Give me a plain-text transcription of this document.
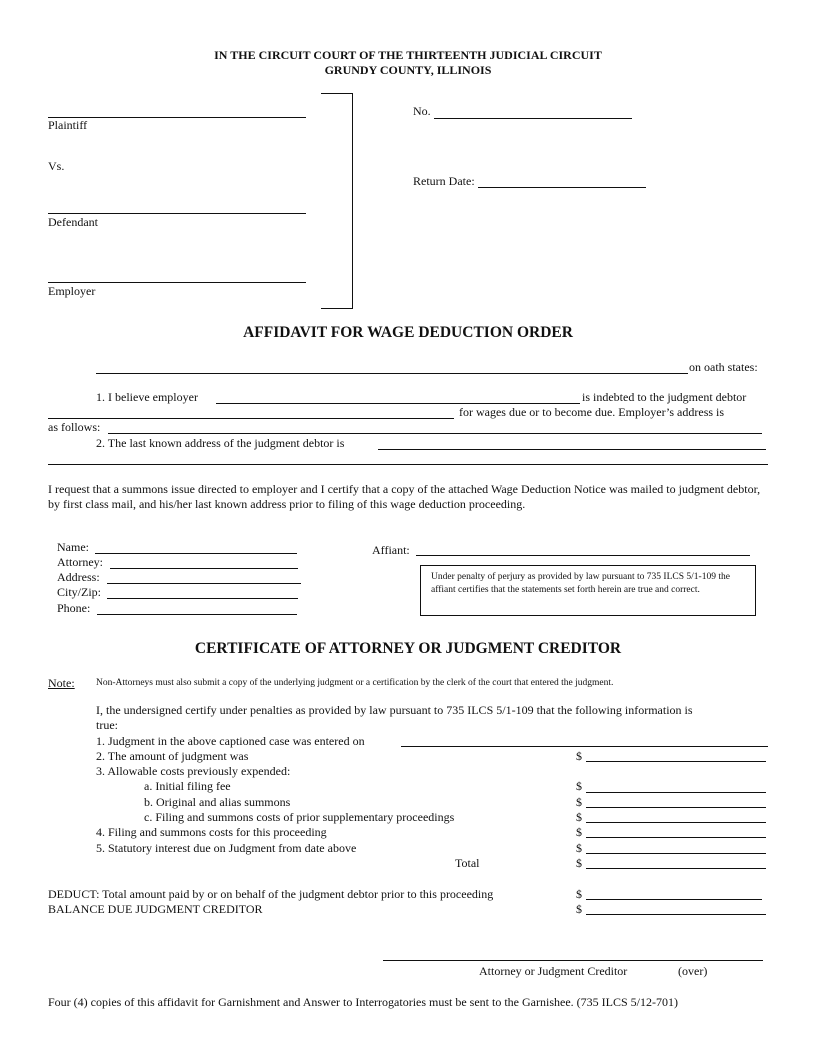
IN THE CIRCUIT COURT OF THE THIRTEENTH JUDICIAL CIRCUIT
GRUNDY COUNTY, ILLINOIS
Plaintiff
Vs.
Defendant
Employer
No.
Return Date:
AFFIDAVIT FOR WAGE DEDUCTION ORDER
on oath states:
1. I believe employer	is indebted to the judgment debtor
for wages due or to become due. Employer’s address is
as follows:
2. The last known address of the judgment debtor is
I request that a summons issue directed to employer and I certify that a copy of the attached Wage Deduction Notice was mailed to judgment debtor, by first class mail, and his/her last known address prior to filing of this wage deduction proceeding.
Name:
Attorney:
Address:
City/Zip:
Phone:
Affiant:
Under penalty of perjury as provided by law pursuant to 735 ILCS 5/1-109 the affiant certifies that the statements set forth herein are true and correct.
CERTIFICATE OF ATTORNEY OR JUDGMENT CREDITOR
Note: Non-Attorneys must also submit a copy of the underlying judgment or a certification by the clerk of the court that entered the judgment.
I, the undersigned certify under penalties as provided by law pursuant to 735 ILCS 5/1-109 that the following information is
true:
1. Judgment in the above captioned case was entered on
2. The amount of judgment was	$
3. Allowable costs previously expended:
a. Initial filing fee	$
b. Original and alias summons	$
c. Filing and summons costs of prior supplementary proceedings	$
4. Filing and summons costs for this proceeding	$
5. Statutory interest due on Judgment from date above	$
Total	$
DEDUCT: Total amount paid by or on behalf of the judgment debtor prior to this proceeding	$
BALANCE DUE JUDGMENT CREDITOR	$
Attorney or Judgment Creditor	(over)
Four (4) copies of this affidavit for Garnishment and Answer to Interrogatories must be sent to the Garnishee. (735 ILCS 5/12-701)
